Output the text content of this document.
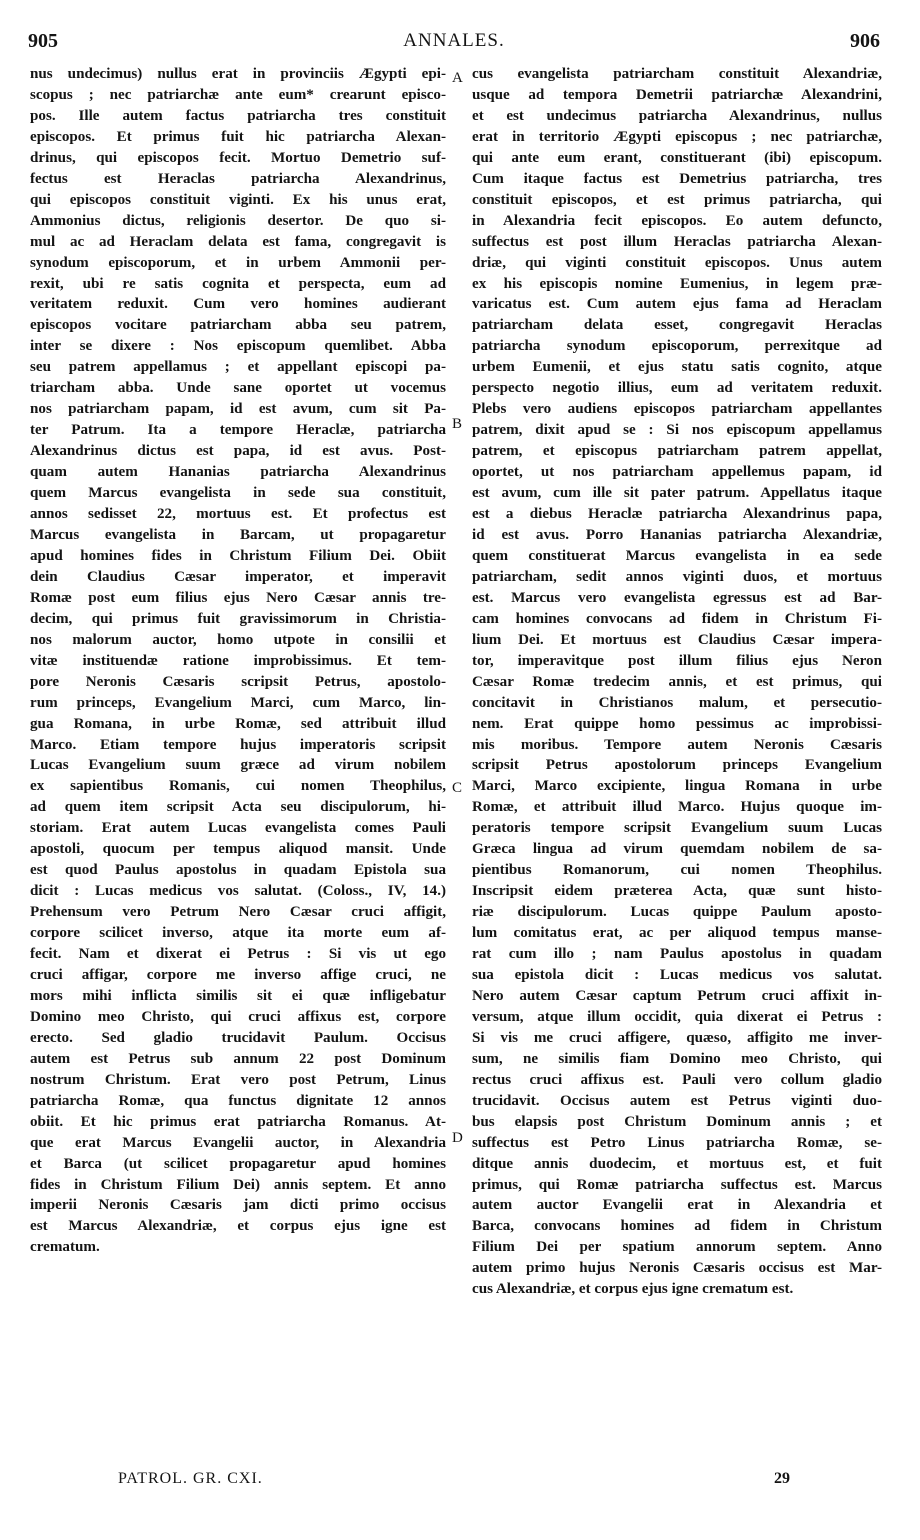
905	ANNALES.	906
nus undecimus) nullus erat in provinciis Ægypti epi-
scopus ; nec patriarchæ ante eum* crearunt episco-
pos. Ille autem factus patriarcha tres constituit
episcopos. Et primus fuit hic patriarcha Alexan-
drinus, qui episcopos fecit. Mortuo Demetrio suf-
fectus est Heraclas patriarcha Alexandrinus,
qui episcopos constituit viginti. Ex his unus erat,
Ammonius dictus, religionis desertor. De quo si-
mul ac ad Heraclam delata est fama, congregavit is
synodum episcoporum, et in urbem Ammonii per-
rexit, ubi re satis cognita et perspecta, eum ad
veritatem reduxit. Cum vero homines audierant
episcopos vocitare patriarcham abba seu patrem,
inter se dixere : Nos episcopum quemlibet. Abba
seu patrem appellamus ; et appellant episcopi pa-
triarcham abba. Unde sane oportet ut vocemus
nos patriarcham papam, id est avum, cum sit Pa-
ter Patrum. Ita a tempore Heraclæ, patriarcha
Alexandrinus dictus est papa, id est avus. Post-
quam autem Hananias patriarcha Alexandrinus
quem Marcus evangelista in sede sua constituit,
annos sedisset 22, mortuus est. Et profectus est
Marcus evangelista in Barcam, ut propagaretur
apud homines fides in Christum Filium Dei. Obiit
dein Claudius Cæsar imperator, et imperavit
Romæ post eum filius ejus Nero Cæsar annis tre-
decim, qui primus fuit gravissimorum in Christia-
nos malorum auctor, homo utpote in consilii et
vitæ instituendæ ratione improbissimus. Et tem-
pore Neronis Cæsaris scripsit Petrus, apostolo-
rum princeps, Evangelium Marci, cum Marco, lin-
gua Romana, in urbe Romæ, sed attribuit illud
Marco. Etiam tempore hujus imperatoris scripsit
Lucas Evangelium suum græce ad virum nobilem
ex sapientibus Romanis, cui nomen Theophilus,
ad quem item scripsit Acta seu discipulorum, hi-
storiam. Erat autem Lucas evangelista comes Pauli
apostoli, quocum per tempus aliquod mansit. Unde
est quod Paulus apostolus in quadam Epistola sua
dicit : Lucas medicus vos salutat. (Coloss., IV, 14.)
Prehensum vero Petrum Nero Cæsar cruci affigit,
corpore scilicet inverso, atque ita morte eum af-
fecit. Nam et dixerat ei Petrus : Si vis ut ego
cruci affigar, corpore me inverso affige cruci, ne
mors mihi inflicta similis sit ei quæ infligebatur
Domino meo Christo, qui cruci affixus est, corpore
erecto. Sed gladio trucidavit Paulum. Occisus
autem est Petrus sub annum 22 post Dominum
nostrum Christum. Erat vero post Petrum, Linus
patriarcha Romæ, qua functus dignitate 12 annos
obiit. Et hic primus erat patriarcha Romanus. At-
que erat Marcus Evangelii auctor, in Alexandria
et Barca (ut scilicet propagaretur apud homines
fides in Christum Filium Dei) annis septem. Et anno
imperii Neronis Cæsaris jam dicti primo occisus
est Marcus Alexandriæ, et corpus ejus igne est
crematum.
cus evangelista patriarcham constituit Alexandriæ,
usque ad tempora Demetrii patriarchæ Alexandrini,
et est undecimus patriarcha Alexandrinus, nullus
erat in territorio Ægypti episcopus ; nec patriarchæ,
qui ante eum erant, constituerant (ibi) episcopum.
Cum itaque factus est Demetrius patriarcha, tres
constituit episcopos, et est primus patriarcha, qui
in Alexandria fecit episcopos. Eo autem defuncto,
suffectus est post illum Heraclas patriarcha Alexan-
driæ, qui viginti constituit episcopos. Unus autem
ex his episcopis nomine Eumenius, in legem præ-
varicatus est. Cum autem ejus fama ad Heraclam
patriarcham delata esset, congregavit Heraclas
patriarcha synodum episcoporum, perrexitque ad
urbem Eumenii, et ejus statu satis cognito, atque
perspecto negotio illius, eum ad veritatem reduxit.
Plebs vero audiens episcopos patriarcham appellantes
patrem, dixit apud se : Si nos episcopum appellamus
patrem, et episcopus patriarcham patrem appellat,
oportet, ut nos patriarcham appellemus papam, id
est avum, cum ille sit pater patrum. Appellatus itaque
est a diebus Heraclæ patriarcha Alexandrinus papa,
id est avus. Porro Hananias patriarcha Alexandriæ,
quem constituerat Marcus evangelista in ea sede
patriarcham, sedit annos viginti duos, et mortuus
est. Marcus vero evangelista egressus est ad Bar-
cam homines convocans ad fidem in Christum Fi-
lium Dei. Et mortuus est Claudius Cæsar impera-
tor, imperavitque post illum filius ejus Neron
Cæsar Romæ tredecim annis, et est primus, qui
concitavit in Christianos malum, et persecutio-
nem. Erat quippe homo pessimus ac improbissi-
mis moribus. Tempore autem Neronis Cæsaris
scripsit Petrus apostolorum princeps Evangelium
Marci, Marco excipiente, lingua Romana in urbe
Romæ, et attribuit illud Marco. Hujus quoque im-
peratoris tempore scripsit Evangelium suum Lucas
Græca lingua ad virum quemdam nobilem de sa-
pientibus Romanorum, cui nomen Theophilus.
Inscripsit eidem præterea Acta, quæ sunt histo-
riæ discipulorum. Lucas quippe Paulum aposto-
lum comitatus erat, ac per aliquod tempus manse-
rat cum illo ; nam Paulus apostolus in quadam
sua epistola dicit : Lucas medicus vos salutat.
Nero autem Cæsar captum Petrum cruci affixit in-
versum, atque illum occidit, quia dixerat ei Petrus :
Si vis me cruci affigere, quæso, affigito me inver-
sum, ne similis fiam Domino meo Christo, qui
rectus cruci affixus est. Pauli vero collum gladio
trucidavit. Occisus autem est Petrus viginti duo-
bus elapsis post Christum Dominum annis ; et
suffectus est Petro Linus patriarcha Romæ, se-
ditque annis duodecim, et mortuus est, et fuit
primus, qui Romæ patriarcha suffectus est. Marcus
autem auctor Evangelii erat in Alexandria et
Barca, convocans homines ad fidem in Christum
Filium Dei per spatium annorum septem. Anno
autem primo hujus Neronis Cæsaris occisus est Mar-
cus Alexandriæ, et corpus ejus igne crematum est.
A
B
C
D
PATROL. GR. CXI.	29
